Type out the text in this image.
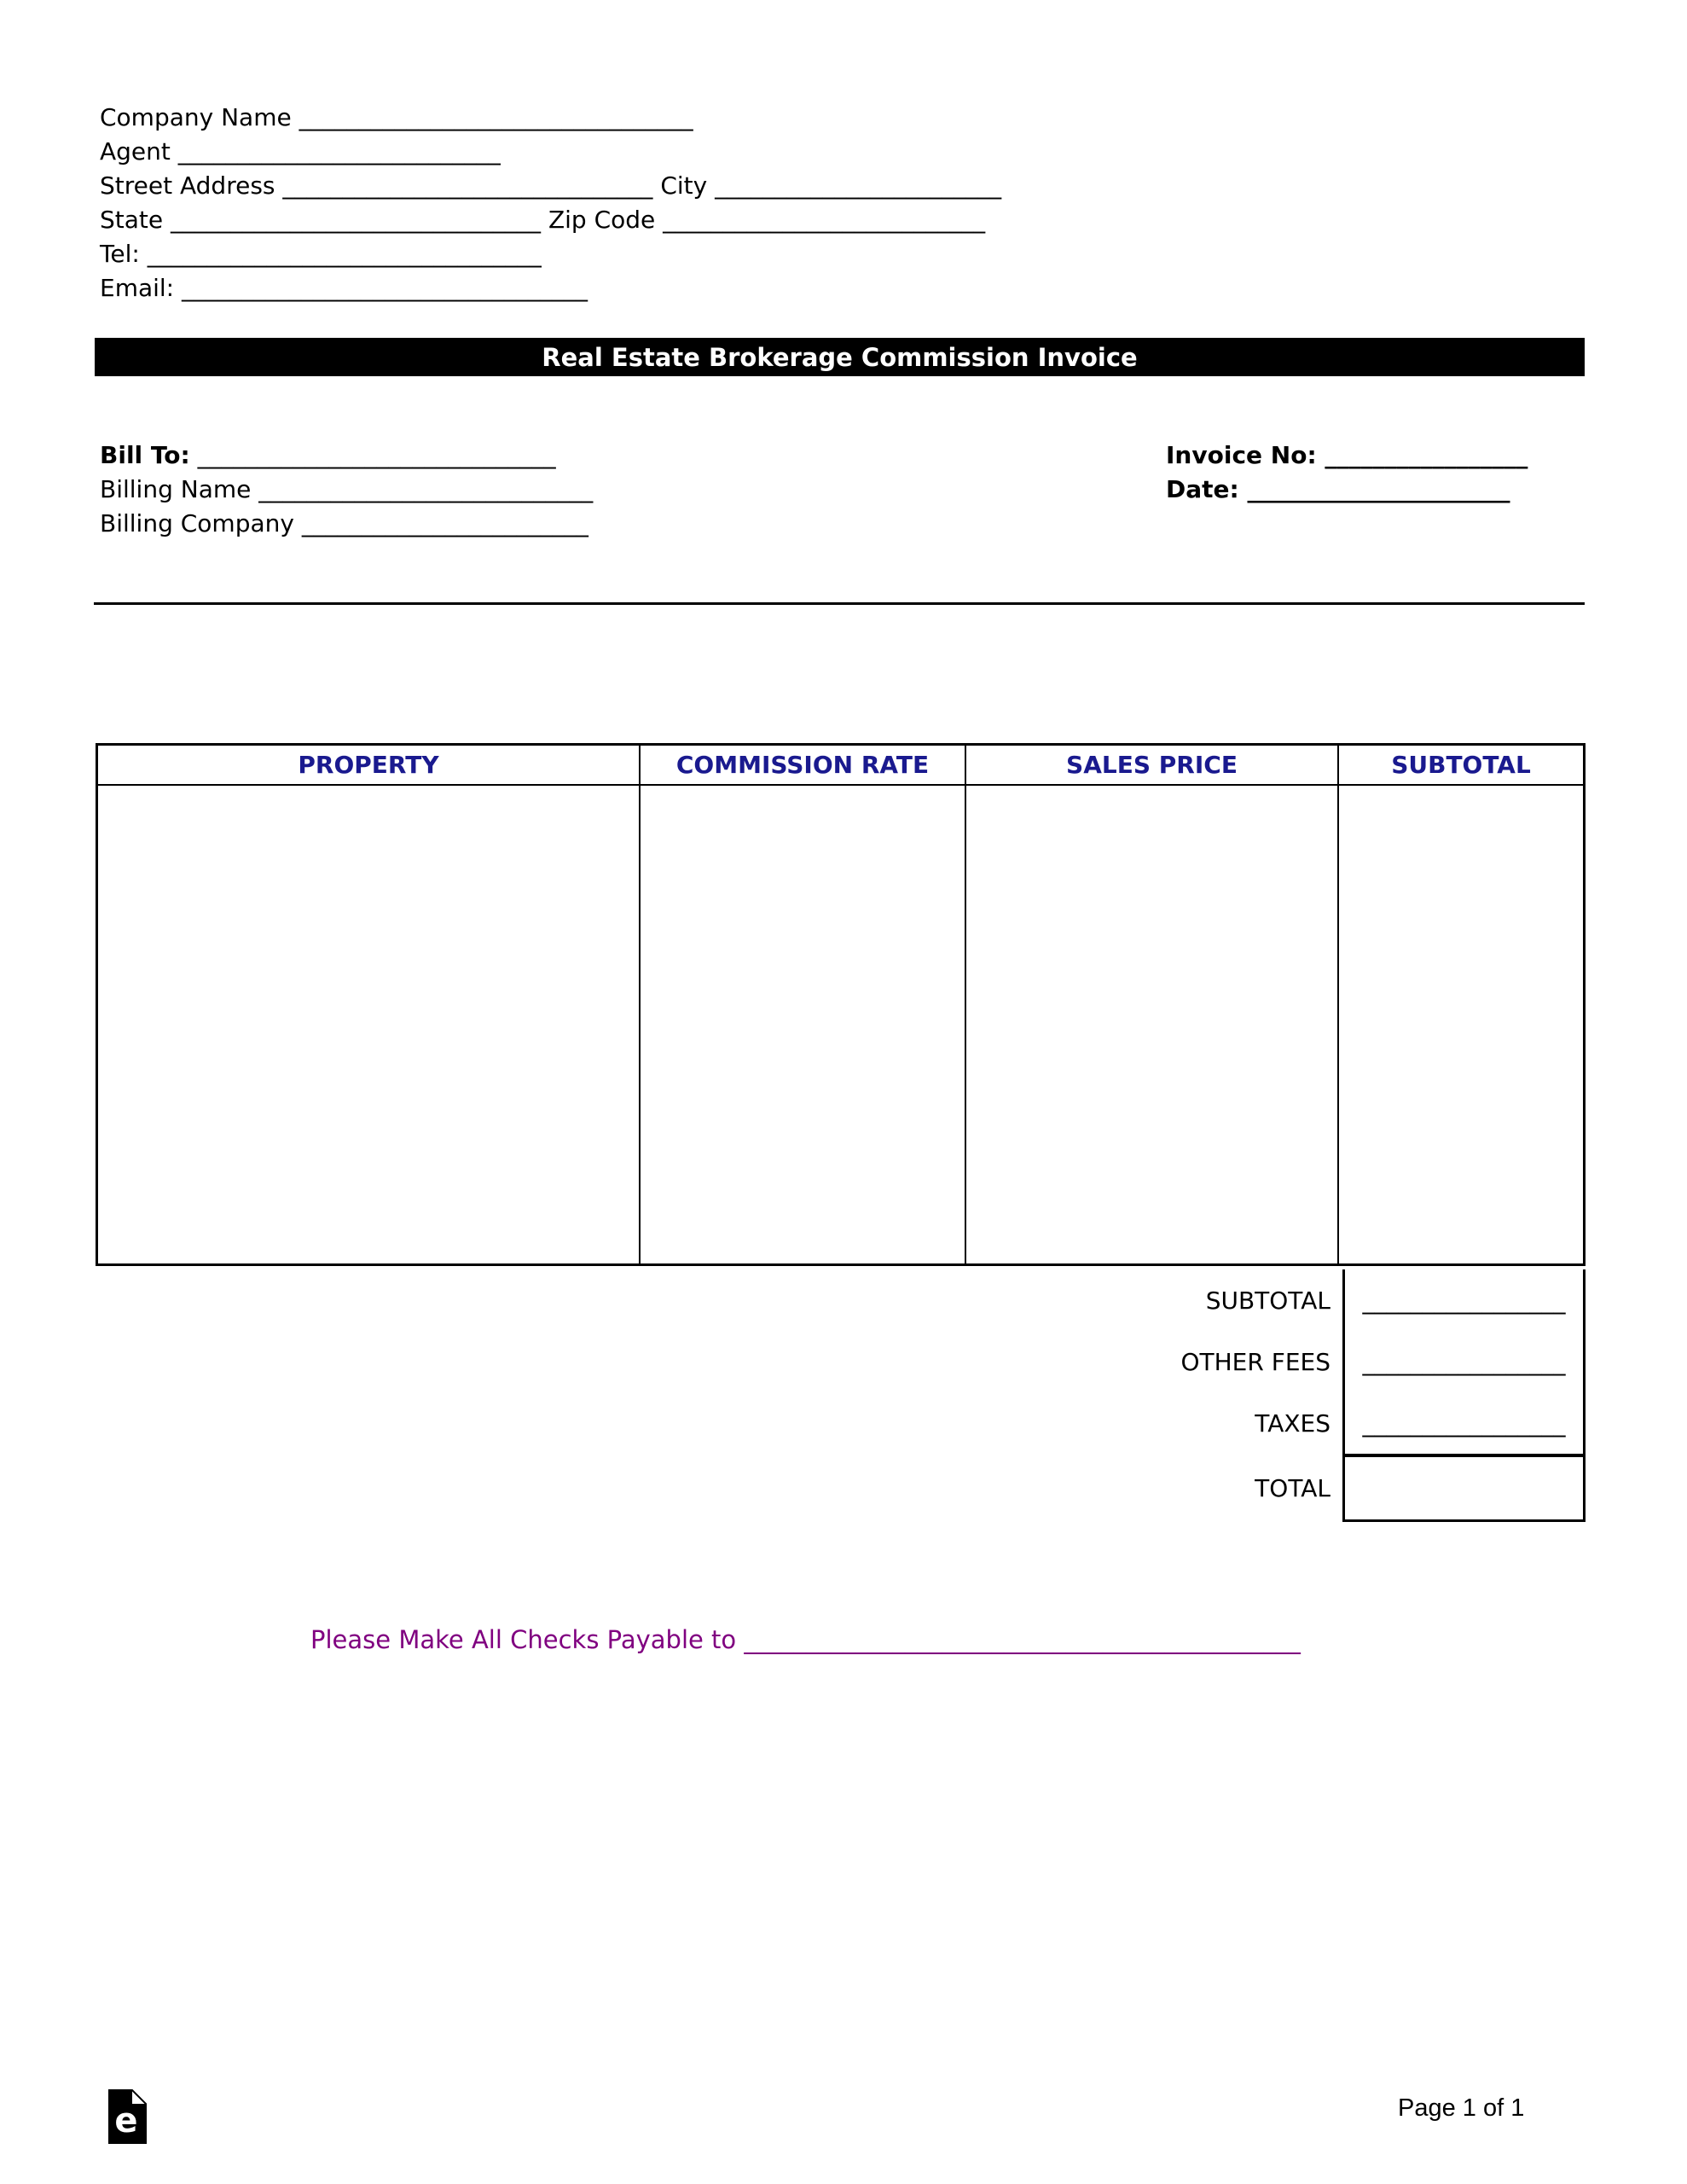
Company Name _________________________________
Agent ___________________________
Street Address _______________________________ City ________________________
State _______________________________ Zip Code ___________________________
Tel: _________________________________
Email: __________________________________
Real Estate Brokerage Commission Invoice
Bill To: ______________________________
Billing Name ____________________________
Billing Company ________________________
Invoice No: _________________
Date: ______________________
PROPERTY	COMMISSION RATE	SALES PRICE	SUBTOTAL
SUBTOTAL	_________________
OTHER FEES	_________________
TAXES	_________________
TOTAL
Please Make All Checks Payable to _____________________________________________
e	Page 1 of 1
